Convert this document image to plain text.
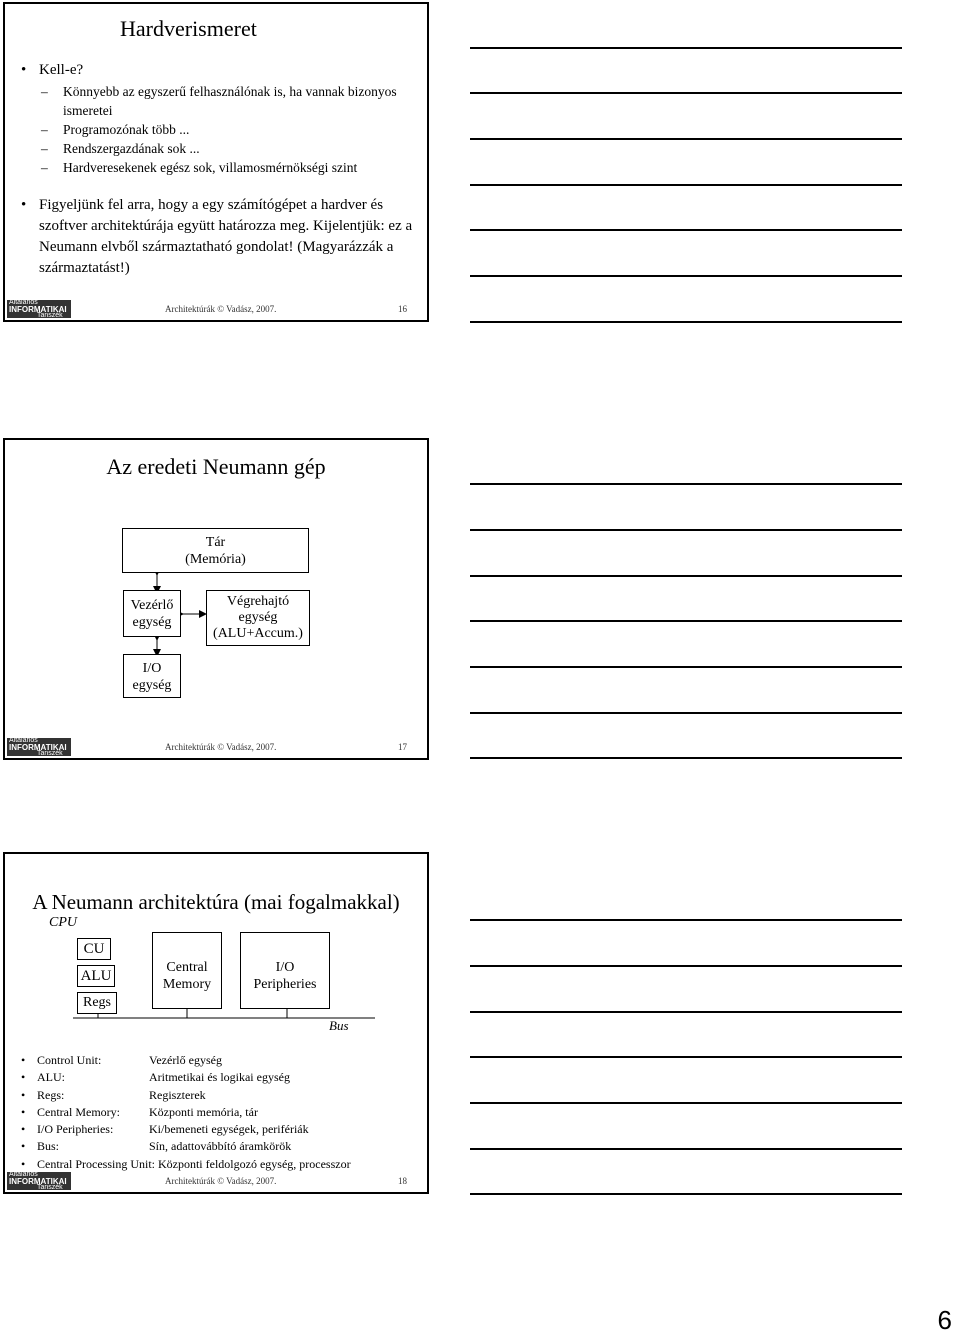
Hardverismeret
• Kell-e?
– Könnyebb az egyszerű felhasználónak is, ha vannak bizonyos ismeretei
– Programozónak több ...
– Rendszergazdának sok ...
– Hardveresekenek egész sok, villamosmérnökségi szint
• Figyeljünk fel arra, hogy a egy számítógépet a hardver és szoftver architektúrája együtt határozza meg. Kijelentjük: ez a Neumann elvből származtatható gondolat! (Magyarázzák a származtatást!)
Általános
INFORMATIKAI
Tanszék
Architektúrák © Vadász, 2007.	16
Az eredeti Neumann gép
Tár
(Memória)
Vezérlő
egység
Végrehajtó
egység
(ALU+Accum.)
I/O
egység
Általános
INFORMATIKAI
Tanszék
Architektúrák © Vadász, 2007.	17
A Neumann architektúra (mai fogalmakkal)
CPU
CU
ALU
Regs
Central
Memory
I/O
Peripheries
Bus
• Control Unit:	Vezérlő egység
• ALU:	Aritmetikai és logikai egység
• Regs:	Regiszterek
• Central Memory: Központi memória, tár
• I/O Peripheries:	Ki/bemeneti egységek, perifériák
• Bus:	Sín, adattovábbító áramkörök
• Central Processing Unit: Központi feldolgozó egység, processzor
Általános
INFORMATIKAI
Tanszék
Architektúrák © Vadász, 2007.	18
6
